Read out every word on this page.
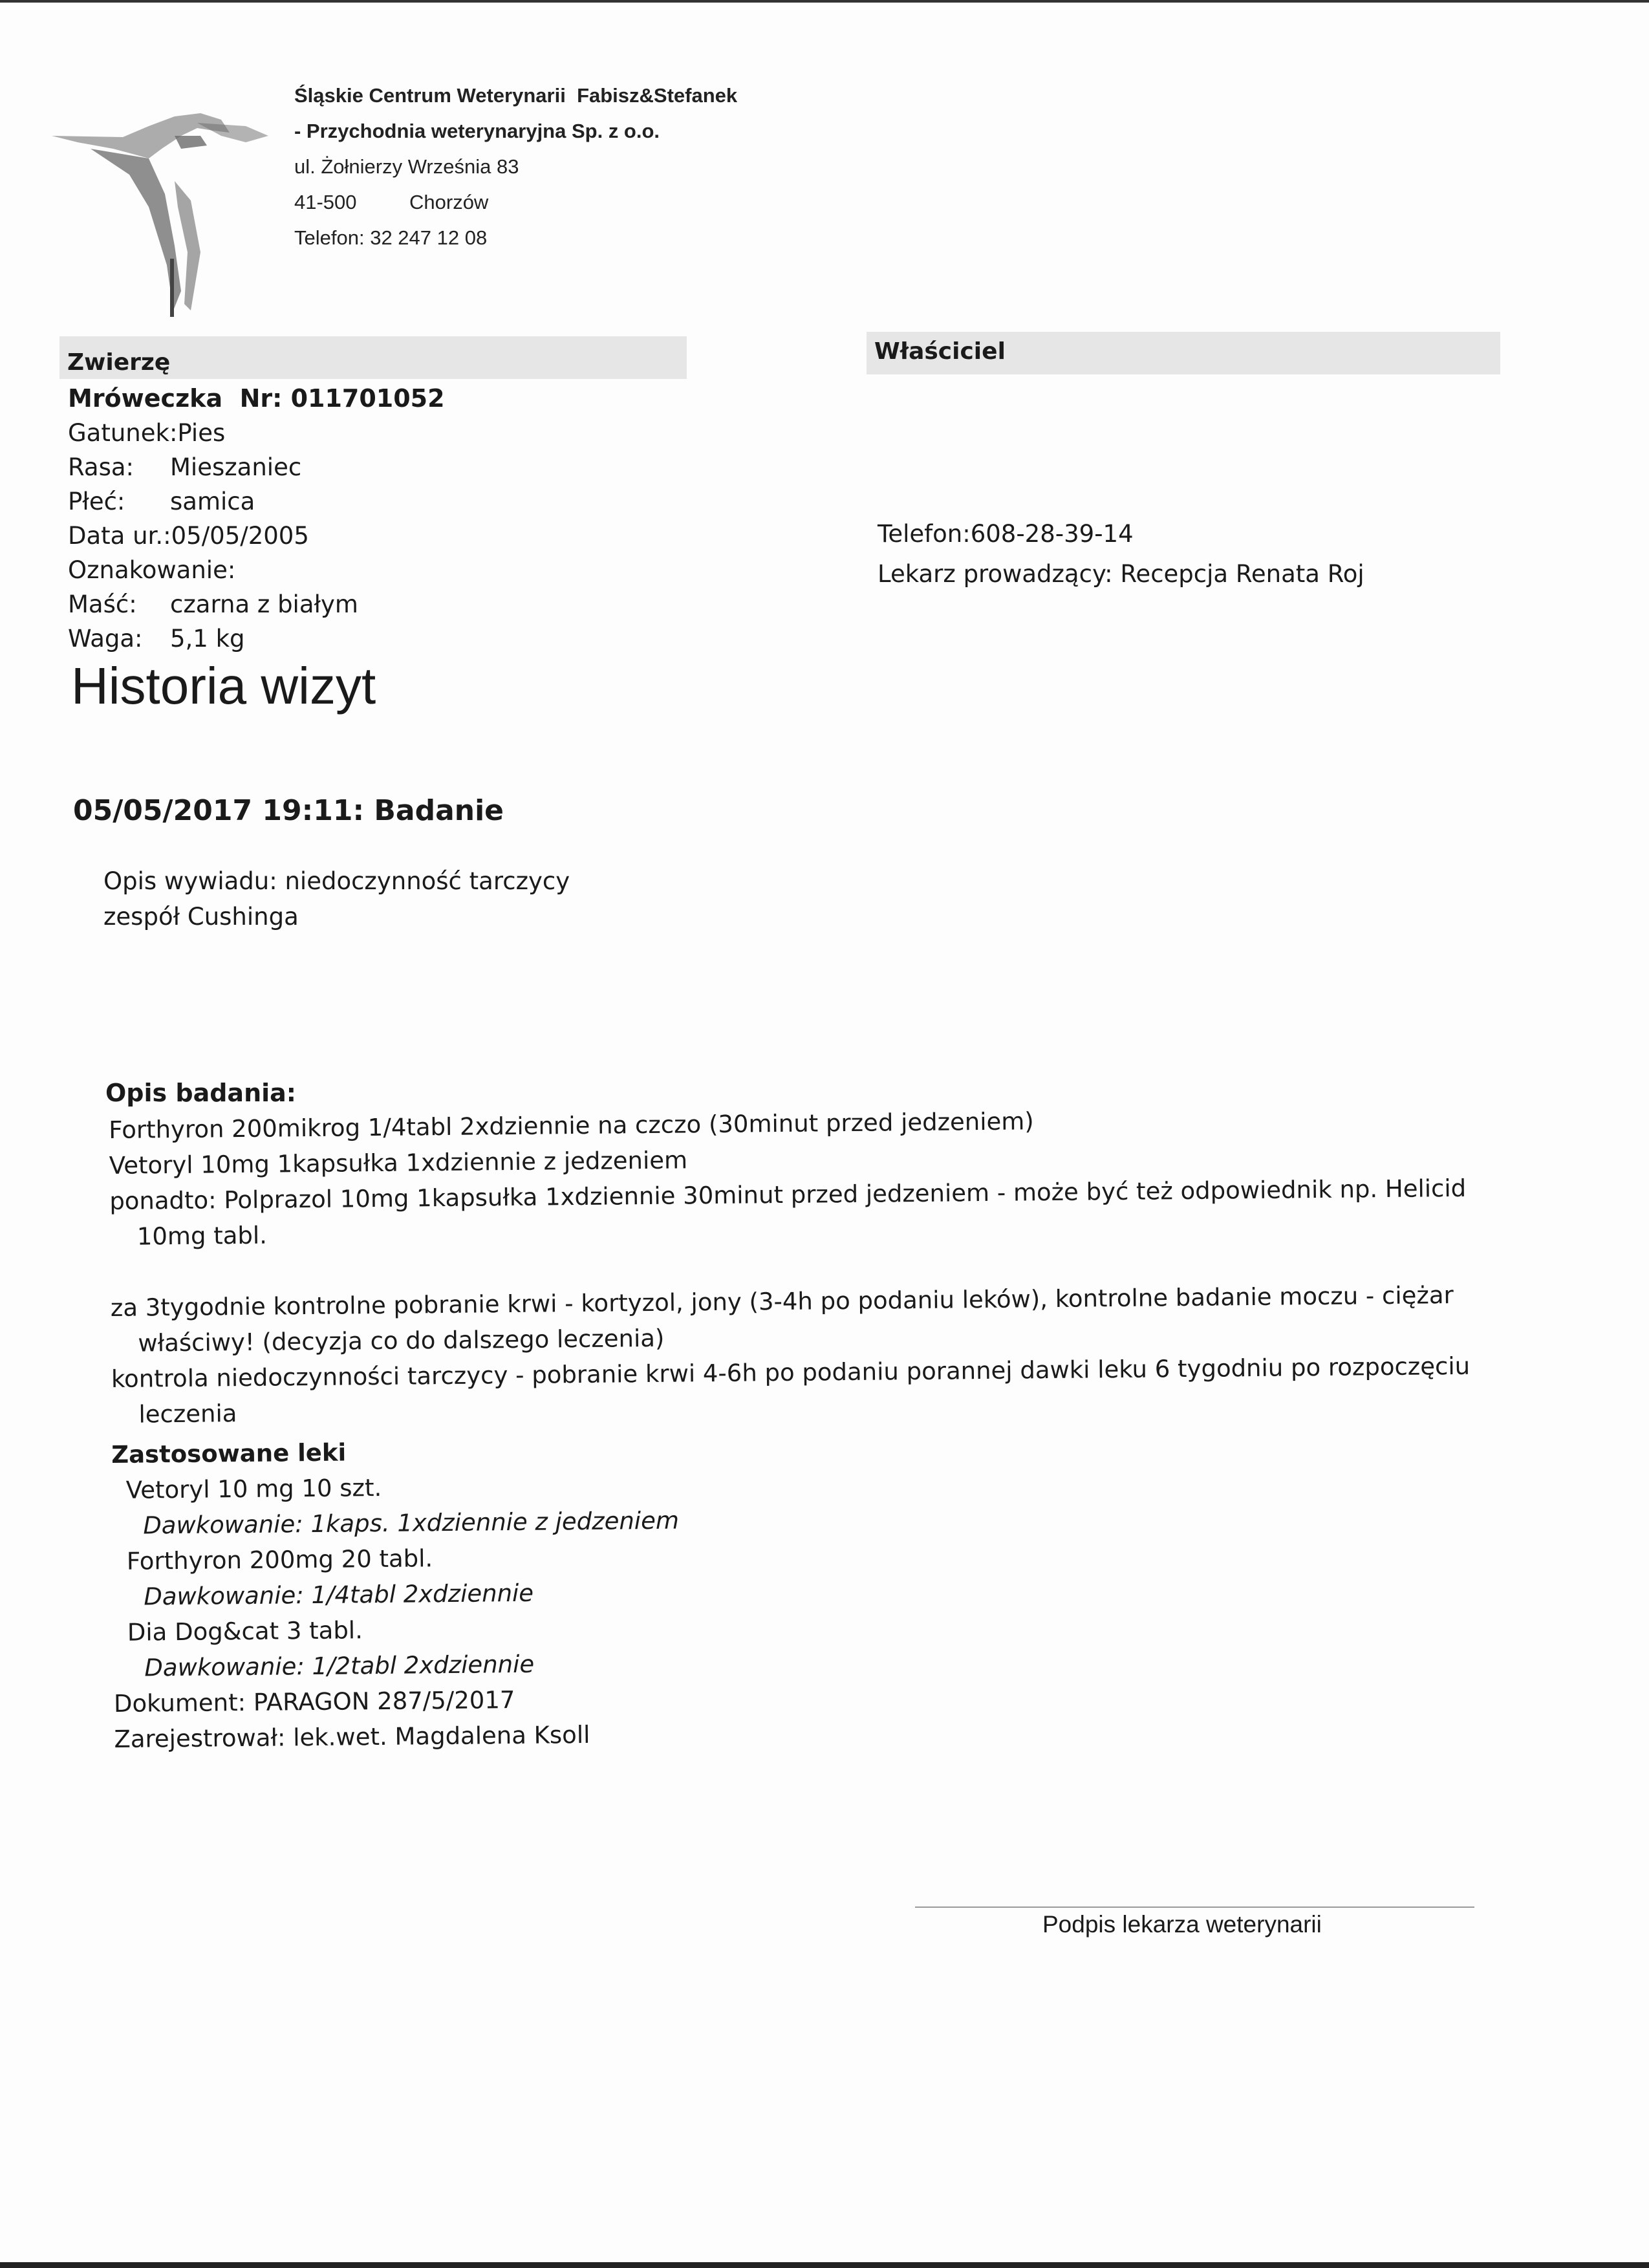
Śląskie Centrum Weterynarii Fabisz&Stefanek
- Przychodnia weterynaryjna Sp. z o.o.
ul. Żołnierzy Września 83
41-500	Chorzów
Telefon: 32 247 12 08
Zwierzę	Właściciel
Mróweczka Nr: 011701052
Gatunek:Pies
Rasa: Mieszaniec
Płeć: samica
Data ur.:05/05/2005
Oznakowanie:
Maść: czarna z białym
Waga: 5,1 kg
Telefon:608-28-39-14
Lekarz prowadzący: Recepcja Renata Roj
Historia wizyt
05/05/2017 19:11: Badanie
Opis wywiadu: niedoczynność tarczycy
zespół Cushinga
Opis badania:

Forthyron 200mikrog 1/4tabl 2xdziennie na czczo (30minut przed jedzeniem)

Vetoryl 10mg 1kapsułka 1xdziennie z jedzeniem

ponadto: Polprazol 10mg 1kapsułka 1xdziennie 30minut przed jedzeniem - może być też odpowiednik np. Helicid

10mg tabl.

za 3tygodnie kontrolne pobranie krwi - kortyzol, jony (3-4h po podaniu leków), kontrolne badanie moczu - ciężar

właściwy! (decyzja co do dalszego leczenia)

kontrola niedoczynności tarczycy - pobranie krwi 4-6h po podaniu porannej dawki leku 6 tygodniu po rozpoczęciu

leczenia

Zastosowane leki
Vetoryl 10 mg 10 szt.
Dawkowanie: 1kaps. 1xdziennie z jedzeniem
Forthyron 200mg 20 tabl.
Dawkowanie: 1/4tabl 2xdziennie
Dia Dog&cat 3 tabl.
Dawkowanie: 1/2tabl 2xdziennie
Dokument: PARAGON 287/5/2017
Zarejestrował: lek.wet. Magdalena Ksoll
Podpis lekarza weterynarii
